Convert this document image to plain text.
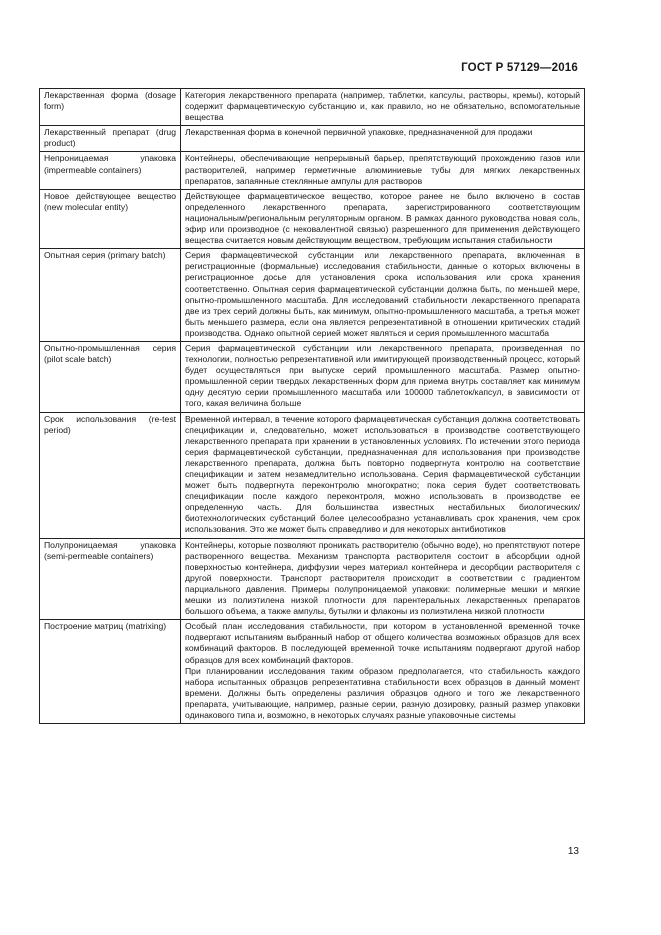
ГОСТ Р 57129—2016
Лекарственная форма (dosage form)	Категория лекарственного препарата (например, таблетки, капсулы, растворы, кремы), который содержит фармацевтическую субстанцию и, как правило, но не обязательно, вспомогательные вещества
Лекарственный препарат (drug product)	Лекарственная форма в конечной первичной упаковке, предназначенной для продажи
Непроницаемая упаковка (impermeable containers)	Контейнеры, обеспечивающие непрерывный барьер, препятствующий прохождению газов или растворителей, например герметичные алюминиевые тубы для мягких лекарственных препаратов, запаянные стеклянные ампулы для растворов
Новое действующее вещество (new molecular entity)	Действующее фармацевтическое вещество, которое ранее не было включено в состав определенного лекарственного препарата, зарегистрированного соответствующим национальным/региональным регуляторным органом. В рамках данного руководства новая соль, эфир или производное (с нековалентной связью) разрешенного для применения действующего вещества считается новым действующим веществом, требующим испытания стабильности
Опытная серия (primary batch)	Серия фармацевтической субстанции или лекарственного препарата, включенная в регистрационные (формальные) исследования стабильности, данные о которых включены в регистрационное досье для установления срока использования или срока хранения соответственно. Опытная серия фармацевтической субстанции должна быть, по меньшей мере, опытно-промышленного масштаба. Для исследований стабильности лекарственного препарата две из трех серий должны быть, как минимум, опытно-промышленного масштаба, а третья может быть меньшего размера, если она является репрезентативной в отношении критических стадий производства. Однако опытной серией может являться и серия промышленного масштаба
Опытно-промышленная серия (pilot scale batch)	Серия фармацевтической субстанции или лекарственного препарата, произведенная по технологии, полностью репрезентативной или имитирующей производственный процесс, который будет осуществляться при выпуске серий промышленного масштаба. Размер опытно-промышленной серии твердых лекарственных форм для приема внутрь составляет как минимум одну десятую серии промышленного масштаба или 100000 таблеток/капсул, в зависимости от того, какая величина больше
Срок использования (re-test period)	Временной интервал, в течение которого фармацевтическая субстанция должна соответствовать спецификации и, следовательно, может использоваться в производстве соответствующего лекарственного препарата при хранении в установленных условиях. По истечении этого периода серия фармацевтической субстанции, предназначенная для использования при производстве лекарственного препарата, должна быть повторно подвергнута контролю на соответствие спецификации и затем незамедлительно использована. Серия фармацевтической субстанции может быть подвергнута переконтролю многократно; пока серия будет соответствовать спецификации после каждого переконтроля, можно использовать в производстве ее определенную часть. Для большинства известных нестабильных биологических/биотехнологических субстанций более целесообразно устанавливать срок хранения, чем срок использования. Это же может быть справедливо и для некоторых антибиотиков
Полупроницаемая упаковка (semi-permeable containers)	Контейнеры, которые позволяют проникать растворителю (обычно воде), но препятствуют потере растворенного вещества. Механизм транспорта растворителя состоит в абсорбции одной поверхностью контейнера, диффузии через материал контейнера и десорбции растворителя с другой поверхности. Транспорт растворителя происходит в соответствии с градиентом парциального давления. Примеры полупроницаемой упаковки: полимерные мешки и мягкие мешки из полиэтилена низкой плотности для парентеральных лекарственных препаратов большого объема, а также ампулы, бутылки и флаконы из полиэтилена низкой плотности
Построение матриц (matrixing)	Особый план исследования стабильности, при котором в установленной временной точке подвергают испытаниям выбранный набор от общего количества возможных образцов для всех комбинаций факторов. В последующей временной точке испытаниям подвергают другой набор образцов для всех комбинаций факторов.
При планировании исследования таким образом предполагается, что стабильность каждого набора испытанных образцов репрезентативна стабильности всех образцов в данный момент времени. Должны быть определены различия образцов одного и того же лекарственного препарата, учитывающие, например, разные серии, разную дозировку, разный размер упаковки одинакового типа и, возможно, в некоторых случаях разные упаковочные системы
13
